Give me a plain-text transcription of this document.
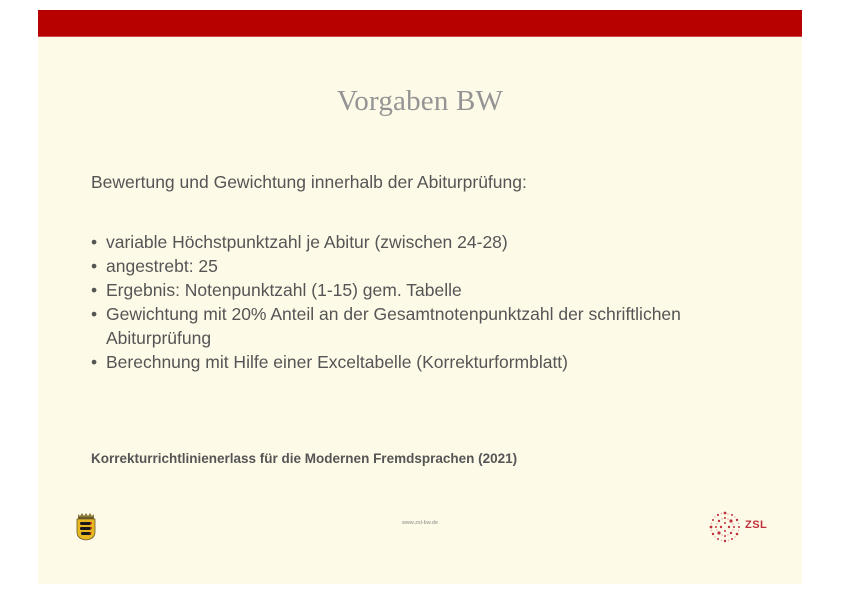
Vorgaben BW
Bewertung und Gewichtung innerhalb der Abiturprüfung:
• variable Höchstpunktzahl je Abitur (zwischen 24-28)
• angestrebt: 25
• Ergebnis: Notenpunktzahl (1-15) gem. Tabelle
• Gewichtung mit 20% Anteil an der Gesamtnotenpunktzahl der schriftlichen
Abiturprüfung
• Berechnung mit Hilfe einer Exceltabelle (Korrekturformblatt)
Korrekturrichtlinienerlass für die Modernen Fremdsprachen (2021)
www.zsl-bw.de	ZSL
